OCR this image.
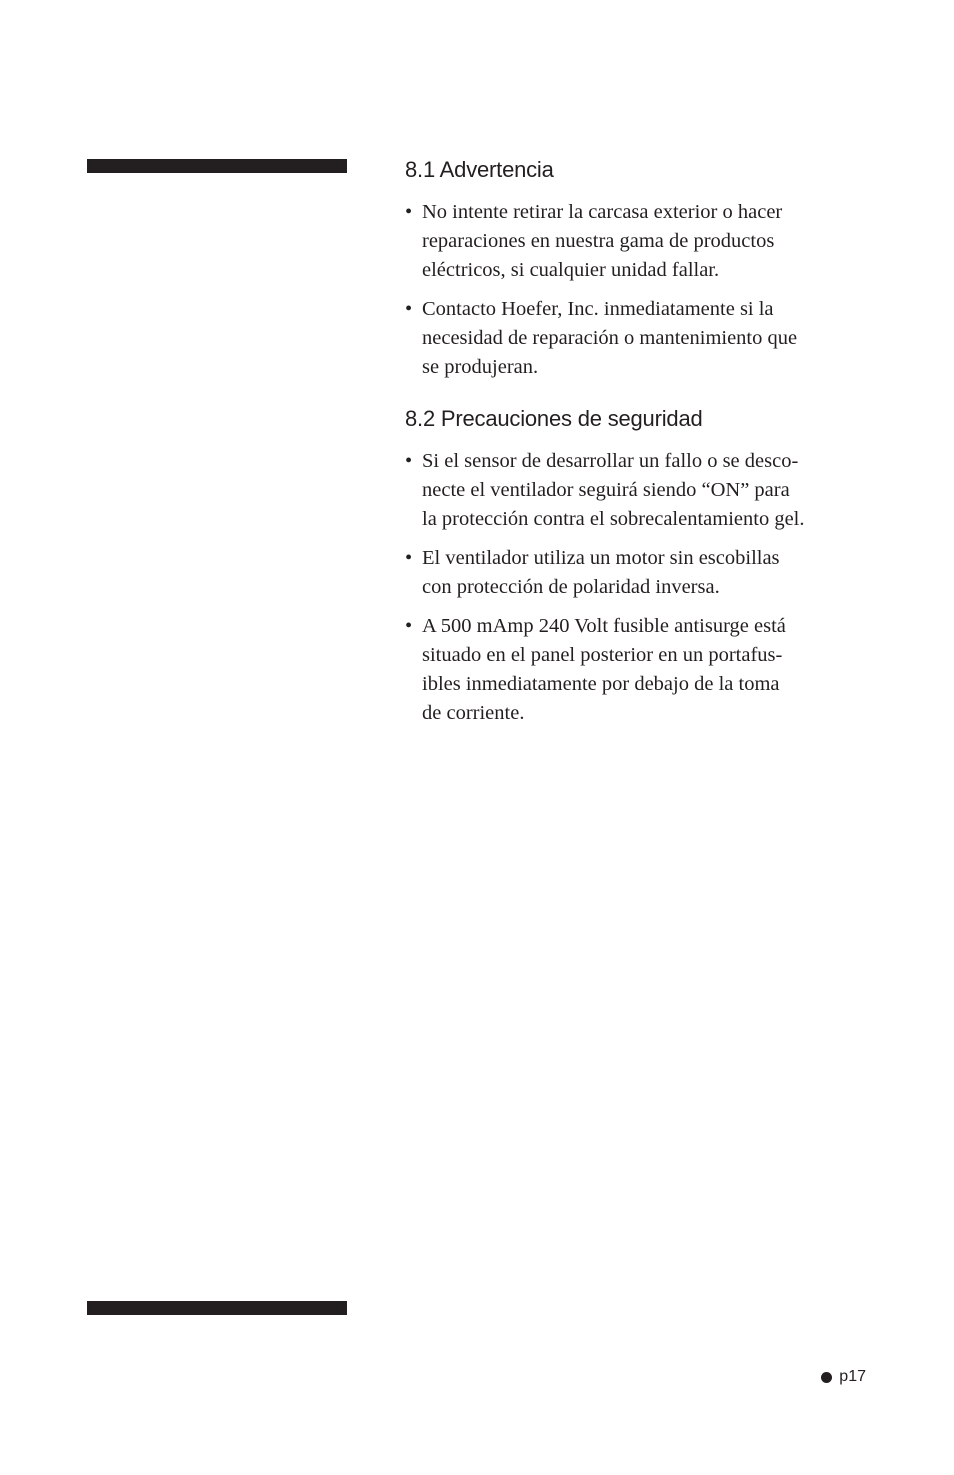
8.1 Advertencia
• No intente retirar la carcasa exterior o hacer
reparaciones en nuestra gama de productos
eléctricos, si cualquier unidad fallar.
• Contacto Hoefer, Inc. inmediatamente si la
necesidad de reparación o mantenimiento que
se produjeran.
8.2 Precauciones de seguridad
• Si el sensor de desarrollar un fallo o se desco-
necte el ventilador seguirá siendo “ON” para
la protección contra el sobrecalentamiento gel.
• El ventilador utiliza un motor sin escobillas
con protección de polaridad inversa.
• A 500 mAmp 240 Volt fusible antisurge está
situado en el panel posterior en un portafus-
ibles inmediatamente por debajo de la toma
de corriente.
p17
